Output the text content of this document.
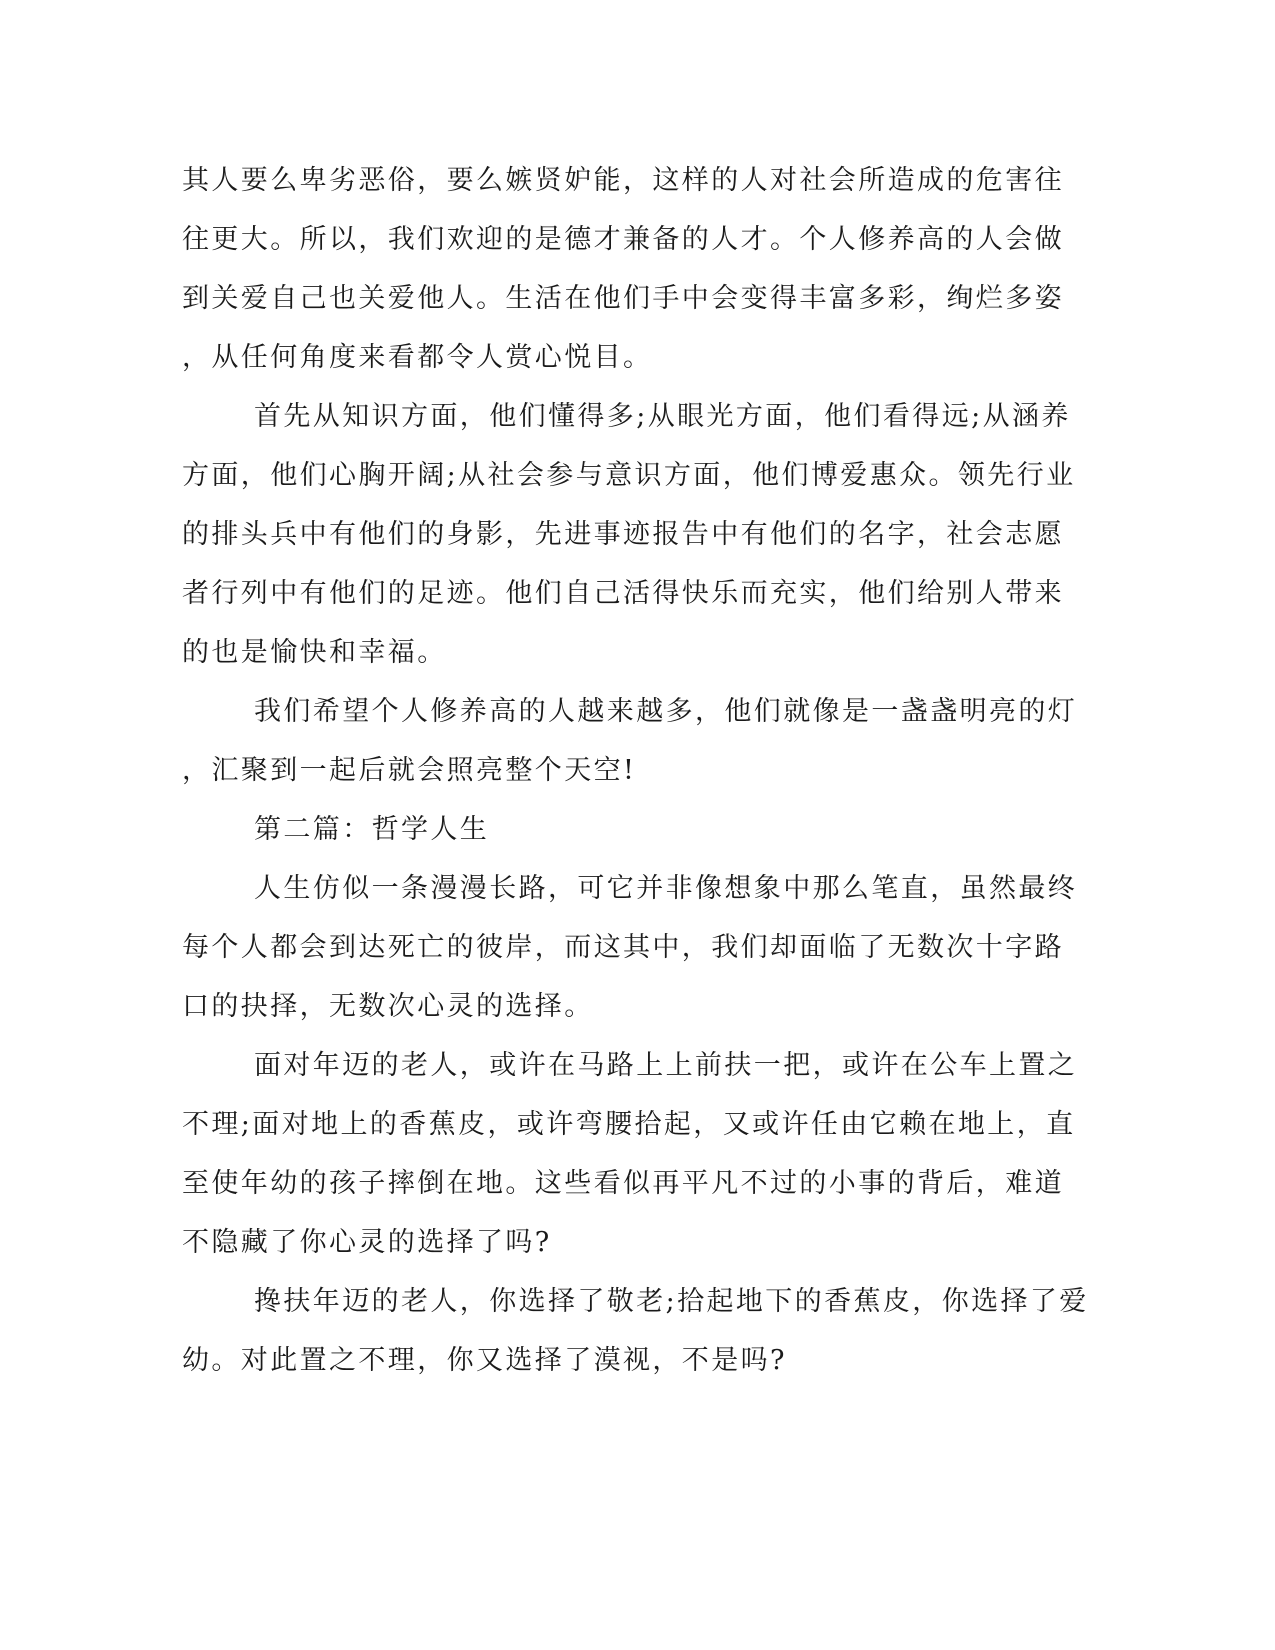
其人要么卑劣恶俗，要么嫉贤妒能，这样的人对社会所造成的危害往

往更大。所以，我们欢迎的是德才兼备的人才。个人修养高的人会做

到关爱自己也关爱他人。生活在他们手中会变得丰富多彩，绚烂多姿

，从任何角度来看都令人赏心悦目。

首先从知识方面，他们懂得多;从眼光方面，他们看得远;从涵养

方面，他们心胸开阔;从社会参与意识方面，他们博爱惠众。领先行业

的排头兵中有他们的身影，先进事迹报告中有他们的名字，社会志愿

者行列中有他们的足迹。他们自己活得快乐而充实，他们给别人带来

的也是愉快和幸福。

我们希望个人修养高的人越来越多，他们就像是一盏盏明亮的灯

，汇聚到一起后就会照亮整个天空!

第二篇：哲学人生

人生仿似一条漫漫长路，可它并非像想象中那么笔直，虽然最终

每个人都会到达死亡的彼岸，而这其中，我们却面临了无数次十字路

口的抉择，无数次心灵的选择。

面对年迈的老人，或许在马路上上前扶一把，或许在公车上置之

不理;面对地上的香蕉皮，或许弯腰拾起，又或许任由它赖在地上，直

至使年幼的孩子摔倒在地。这些看似再平凡不过的小事的背后，难道

不隐藏了你心灵的选择了吗?

搀扶年迈的老人，你选择了敬老;拾起地下的香蕉皮，你选择了爱

幼。对此置之不理，你又选择了漠视，不是吗?
